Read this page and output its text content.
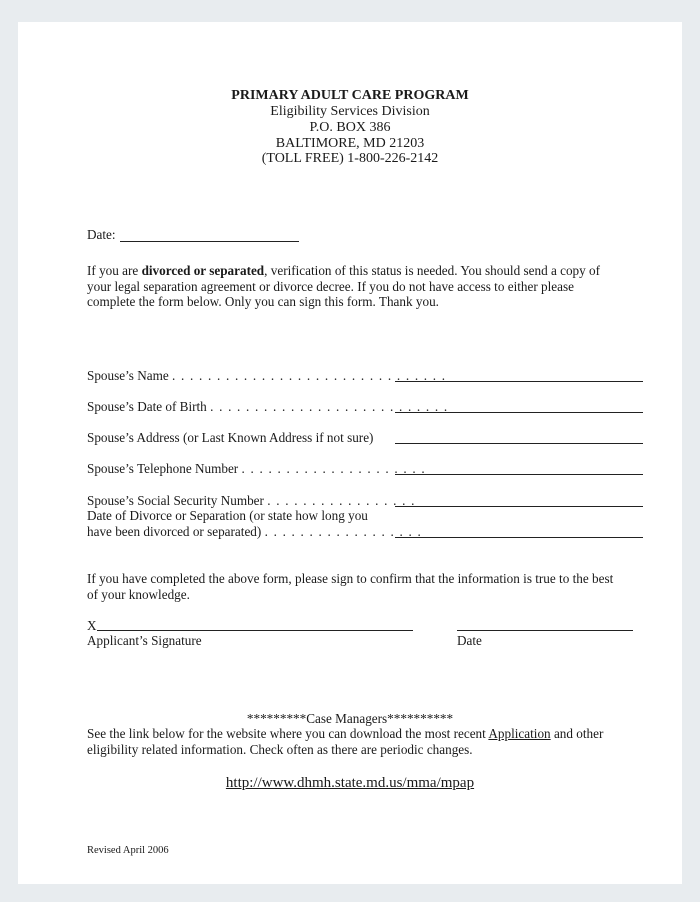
PRIMARY ADULT CARE PROGRAM
Eligibility Services Division
P.O. BOX 386
BALTIMORE, MD 21203
(TOLL FREE) 1-800-226-2142
Date:
If you are divorced or separated, verification of this status is needed. You should send a copy of
your legal separation agreement or divorce decree. If you do not have access to either please
complete the form below. Only you can sign this form. Thank you.
Spouse’s Name . . . . . . . . . . . . . . . . . . . . . . . . . . . . . . .
Spouse’s Date of Birth . . . . . . . . . . . . . . . . . . . . . . . . . . .
Spouse’s Address (or Last Known Address if not sure)
Spouse’s Telephone Number . . . . . . . . . . . . . . . . . . . . .
Spouse’s Social Security Number . . . . . . . . . . . . . . . . .
Date of Divorce or Separation (or state how long you
have been divorced or separated) . . . . . . . . . . . . . . . . . .
If you have completed the above form, please sign to confirm that the information is true to the best
of your knowledge.
X
Applicant’s Signature	Date
*********Case Managers**********
See the link below for the website where you can download the most recent Application and other
eligibility related information. Check often as there are periodic changes.
http://www.dhmh.state.md.us/mma/mpap
Revised April 2006
